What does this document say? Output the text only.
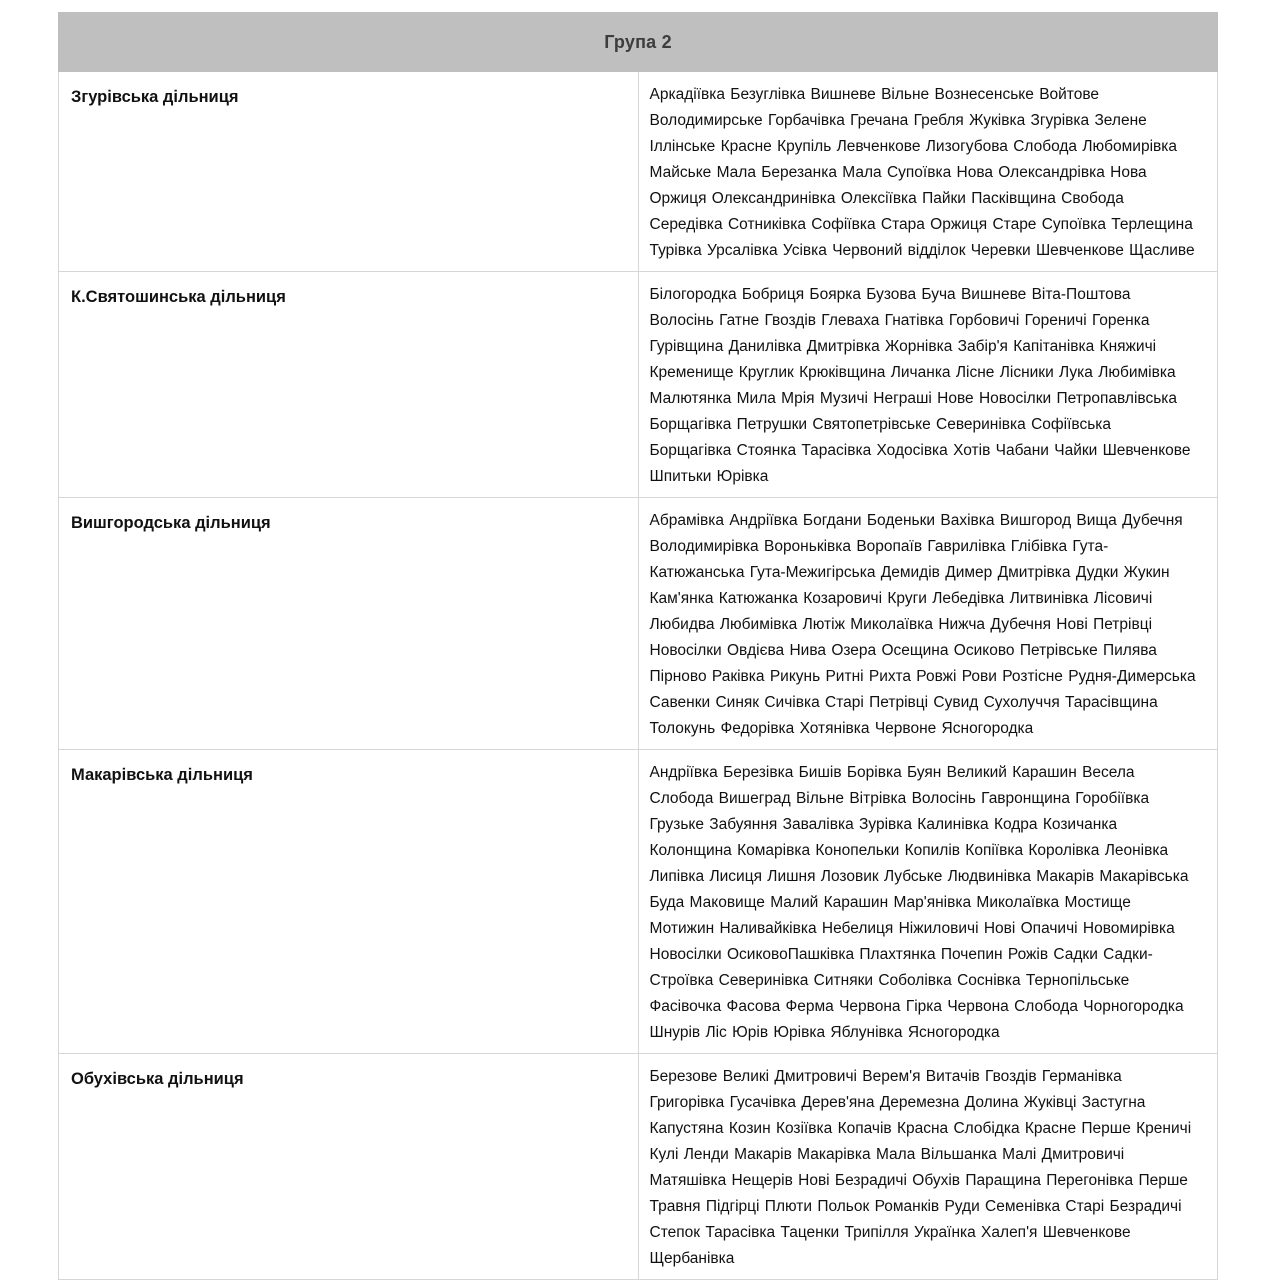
Група 2	
Згурівська дільниця	Аркадіївка Безуглівка Вишневе Вільне Вознесенське Войтове Володимирське Горбачівка Гречана Гребля Жуківка Згурівка Зелене Іллінське Красне Крупіль Левченкове Лизогубова Слобода Любомирівка Майське Мала Березанка Мала Супоївка Нова Олександрівка Нова Оржиця Олександринівка Олексіївка Пайки Пасківщина Свобода Середівка Сотниківка Софіївка Стара Оржиця Старе Супоївка Терлещина Турівка Урсалівка Усівка Червоний відділок Черевки Шевченкове Щасливе
К.Святошинська дільниця	Білогородка Бобриця Боярка Бузова Буча Вишневе Віта-Поштова Волосінь Гатне Гвоздів Глеваха Гнатівка Горбовичі Гореничі Горенка Гурівщина Данилівка Дмитрівка Жорнівка Забір'я Капітанівка Княжичі Кременище Круглик Крюківщина Личанка Лісне Лісники Лука Любимівка Малютянка Мила Мрія Музичі Неграші Нове Новосілки Петропавлівська Борщагівка Петрушки Святопетрівське Северинівка Софіївська Борщагівка Стоянка Тарасівка Ходосівка Хотів Чабани Чайки Шевченкове Шпитьки Юрівка
Вишгородська дільниця	Абрамівка Андріївка Богдани Боденьки Вахівка Вишгород Вища Дубечня Володимирівка Вороньківка Воропаїв Гаврилівка Глібівка Гута-Катюжанська Гута-Межигірська Демидів Димер Дмитрівка Дудки Жукин Кам'янка Катюжанка Козаровичі Круги Лебедівка Литвинівка Лісовичі Любидва Любимівка Лютіж Миколаївка Нижча Дубечня Нові Петрівці Новосілки Овдієва Нива Озера Осещина Осиково Петрівське Пилява Пірново Раківка Рикунь Ритні Рихта Ровжі Рови Розтісне Рудня-Димерська Савенки Синяк Сичівка Старі Петрівці Сувид Сухолуччя Тарасівщина Толокунь Федорівка Хотянівка Червоне Ясногородка
Макарівська дільниця	Андріївка Березівка Бишів Борівка Буян Великий Карашин Весела Слобода Вишеград Вільне Вітрівка Волосінь Гавронщина Горобіївка Грузьке Забуяння Завалівка Зурівка Калинівка Кодра Козичанка Колонщина Комарівка Конопельки Копилів Копіївка Королівка Леонівка Липівка Лисиця Лишня Лозовик Лубське Людвинівка Макарів Макарівська Буда Маковище Малий Карашин Мар'янівка Миколаївка Мостище Мотижин Наливайківка Небелиця Ніжиловичі Нові Опачичі Новомирівка Новосілки ОсиковоПашківка Плахтянка Почепин Рожів Садки Садки-Строївка Северинівка Ситняки Соболівка Соснівка Тернопільське Фасівочка Фасова Ферма Червона Гірка Червона Слобода Чорногородка Шнурів Ліс Юрів Юрівка Яблунівка Ясногородка
Обухівська дільниця	Березове Великі Дмитровичі Верем'я Витачів Гвоздів Германівка Григорівка Гусачівка Дерев'яна Деремезна Долина Жуківці Застугна Капустяна Козин Козіївка Копачів Красна Слобідка Красне Перше Креничі Кулі Ленди Макарів Макарівка Мала Вільшанка Малі Дмитровичі Матяшівка Нещерів Нові Безрадичі Обухів Паращина Перегонівка Перше Травня Підгірці Плюти Польок Романків Руди Семенівка Старі Безрадичі Степок Тарасівка Таценки Трипілля Українка Халеп'я Шевченкове Щербанівка
